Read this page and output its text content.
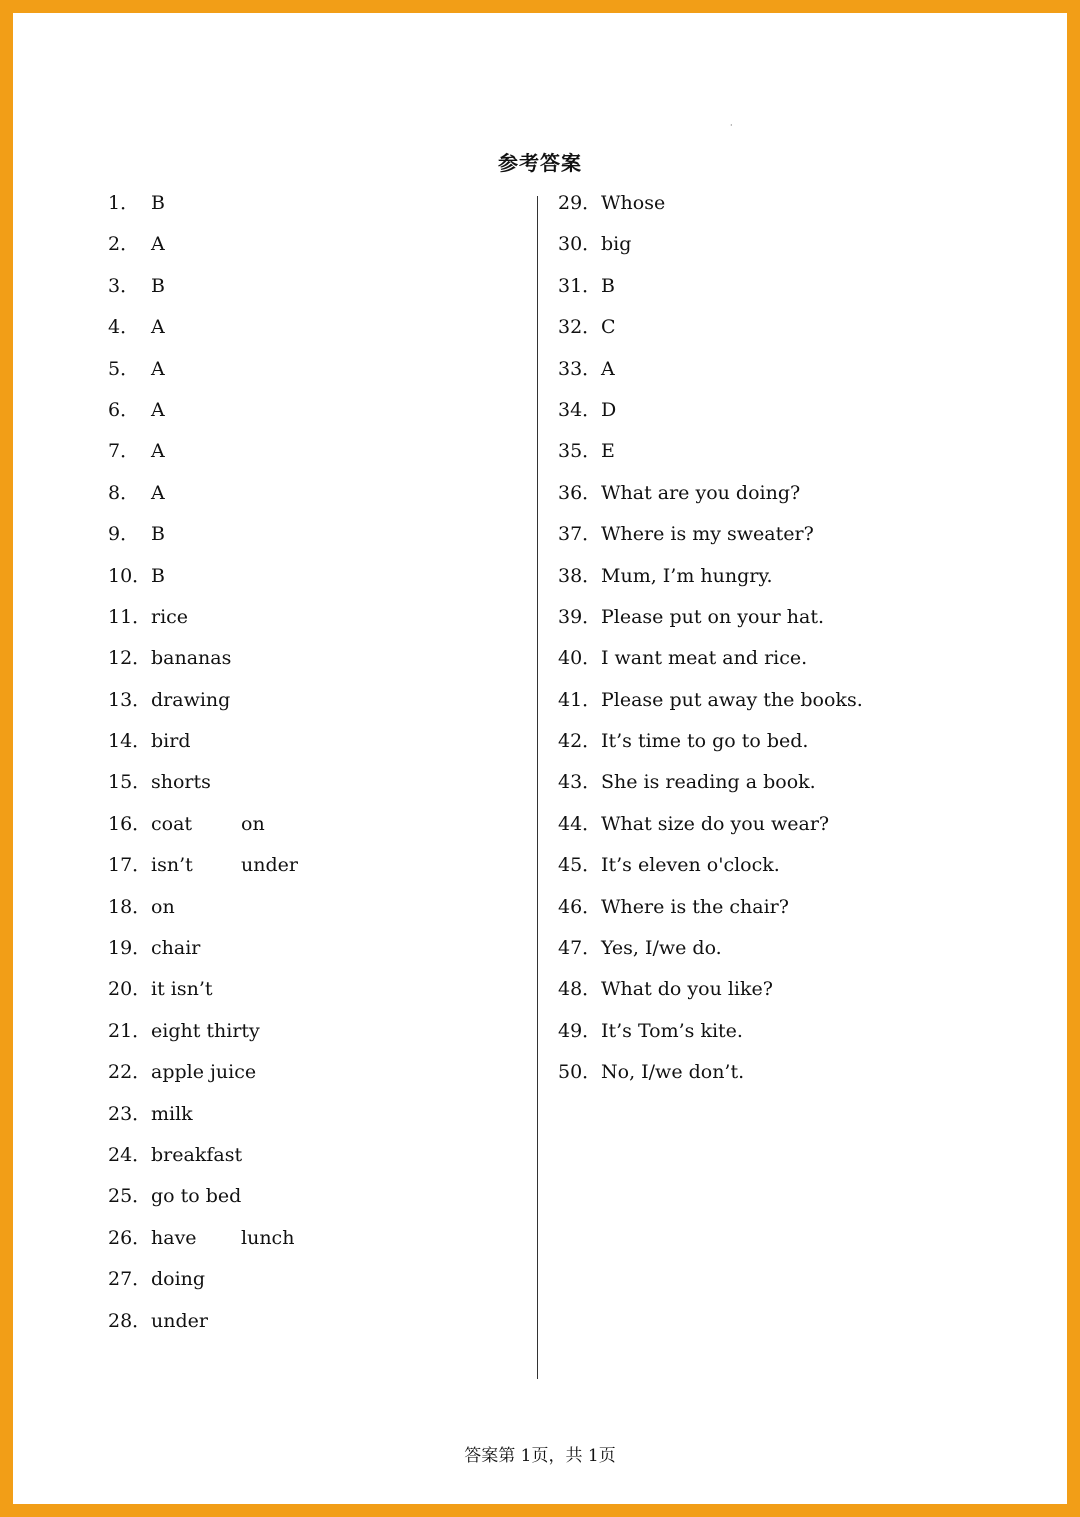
·
参考答案
1． B
2． A
3． B
4． A
5． A
6． A
7． A
8． A
9． B
10． B
11． rice
12． bananas
13． drawing
14． bird
15． shorts
16． coat	on
17． isn’t	under
18． on
19． chair
20． it isn’t
21． eight thirty
22． apple juice
23． milk
24． breakfast
25． go to bed
26． have	lunch
27． doing
28． under
29． Whose
30． big
31． B
32． C
33． A
34． D
35． E
36． What are you doing?
37． Where is my sweater?
38． Mum, I’m hungry.
39． Please put on your hat.
40． I want meat and rice.
41． Please put away the books.
42． It’s time to go to bed.
43． She is reading a book.
44． What size do you wear?
45． It’s eleven o'clock.
46． Where is the chair?
47． Yes, I/we do.
48． What do you like?
49． It’s Tom’s kite.
50． No, I/we don’t.
答案第 1页，共 1页
